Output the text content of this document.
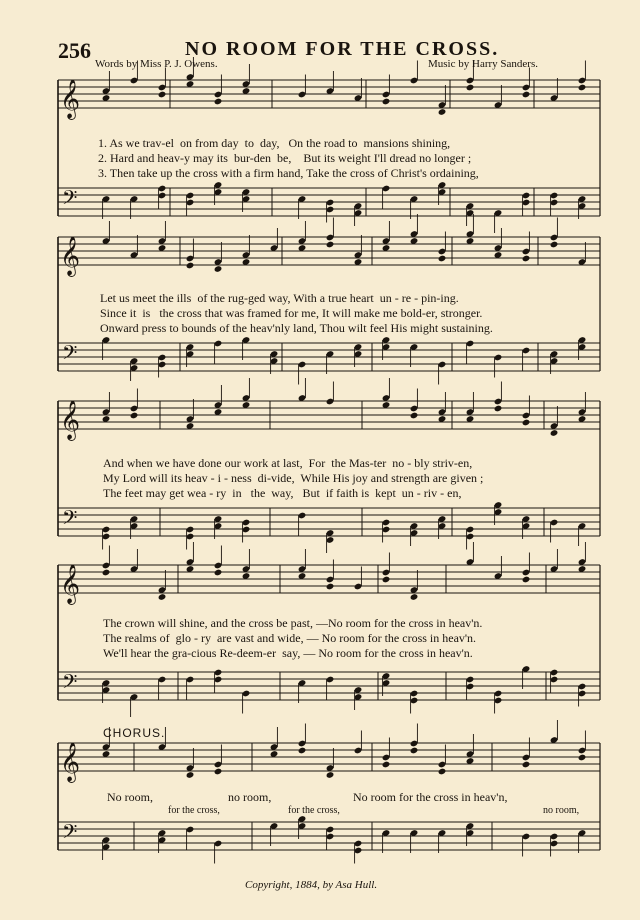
256	NO ROOM FOR THE CROSS.
Words by Miss P. J. Owens.	Music by Harry Sanders.
𝄞
𝄢
𝄞
𝄢
𝄞
𝄢
𝄞
𝄢
𝄞
𝄢
1. As we trav-el  on from day  to  day,   On the road to  mansions shining,
2. Hard and heav-y may its  bur-den  be,    But its weight I'll dread no longer ;
3. Then take up the cross with a firm hand, Take the cross of Christ's ordaining,
Let us meet the ills  of the rug-ged way, With a true heart  un - re - pin-ing.
Since it  is   the cross that was framed for me, It will make me bold-er, stronger.
Onward press to bounds of the heav'nly land, Thou wilt feel His might sustaining.
And when we have done our work at last,  For  the Mas-ter  no - bly striv-en,
My Lord will its heav - i - ness  di-vide,  While His joy and strength are given ;
The feet may get wea - ry  in   the  way,   But  if faith is  kept  un - riv - en,
The crown will shine, and the cross be past, —No room for the cross in heav'n.
The realms of  glo - ry  are vast and wide, — No room for the cross in heav'n.
We'll hear the gra-cious Re-deem-er  say, — No room for the cross in heav'n.
CHORUS.
No room,	no room,	No room for the cross in heav'n,
for the cross,	for the cross,	no room,
Copyright, 1884, by Asa Hull.
